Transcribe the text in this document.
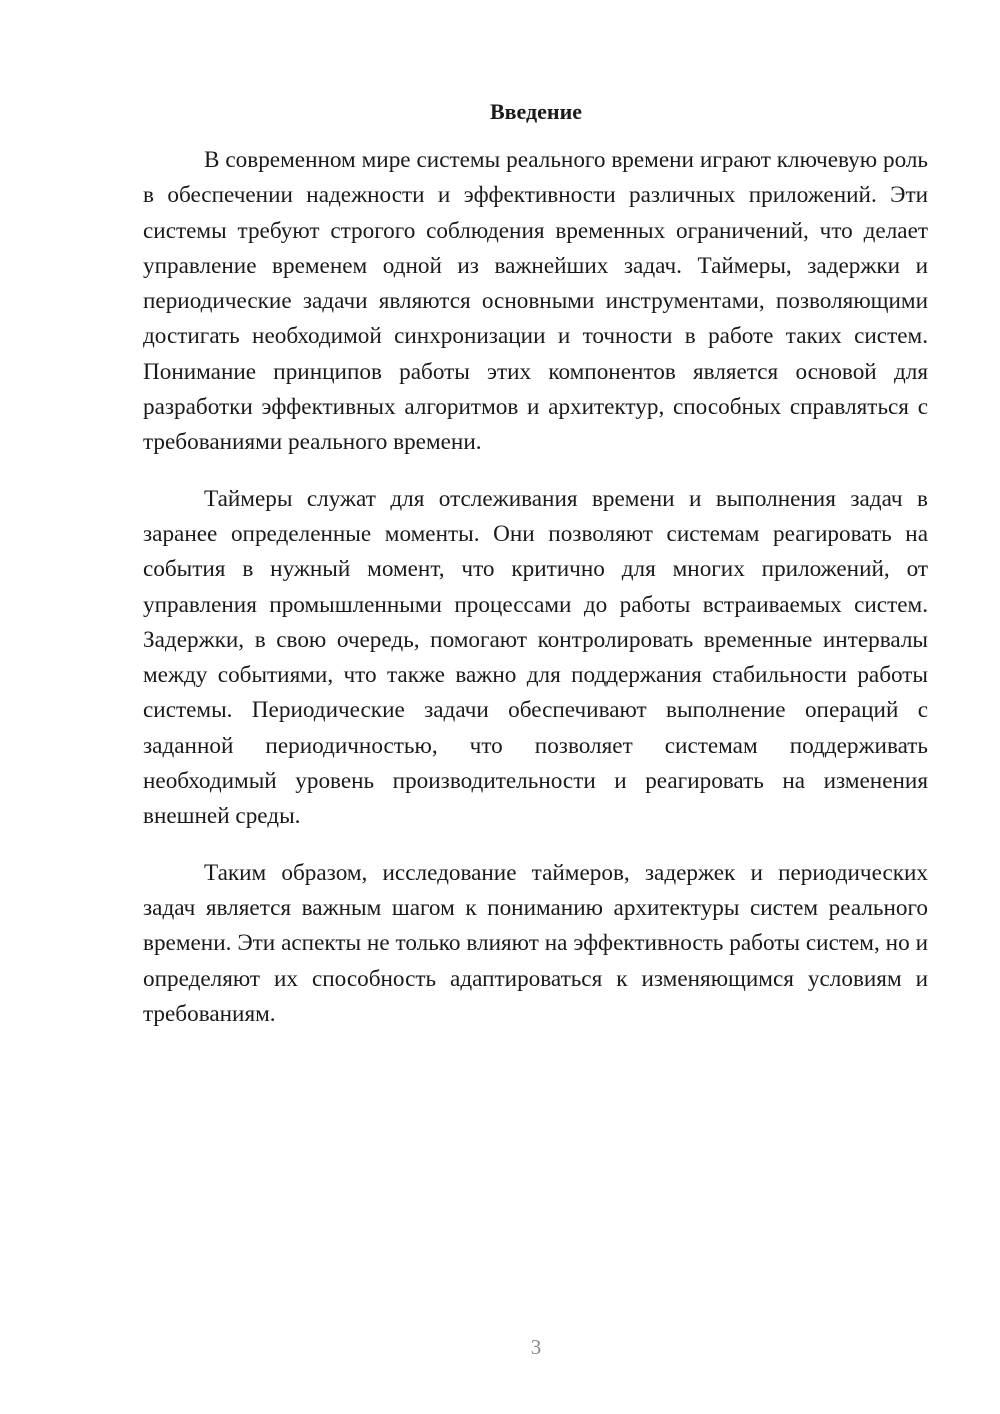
Введение

В современном мире системы реального времени играют ключевую роль в обеспечении надежности и эффективности различных приложений. Эти системы требуют строгого соблюдения временных ограничений, что делает управление временем одной из важнейших задач. Таймеры, задержки и периодические задачи являются основными инструментами, позволяющими достигать необходимой синхронизации и точности в работе таких систем. Понимание принципов работы этих компонентов является основой для разработки эффективных алгоритмов и архитектур, способных справляться с требованиями реального времени.

Таймеры служат для отслеживания времени и выполнения задач в заранее определенные моменты. Они позволяют системам реагировать на события в нужный момент, что критично для многих приложений, от управления промышленными процессами до работы встраиваемых систем. Задержки, в свою очередь, помогают контролировать временные интервалы между событиями, что также важно для поддержания стабильности работы системы. Периодические задачи обеспечивают выполнение операций с заданной периодичностью, что позволяет системам поддерживать необходимый уровень производительности и реагировать на изменения внешней среды.

Таким образом, исследование таймеров, задержек и периодических задач является важным шагом к пониманию архитектуры систем реального времени. Эти аспекты не только влияют на эффективность работы систем, но и определяют их способность адаптироваться к изменяющимся условиям и требованиям.

3
